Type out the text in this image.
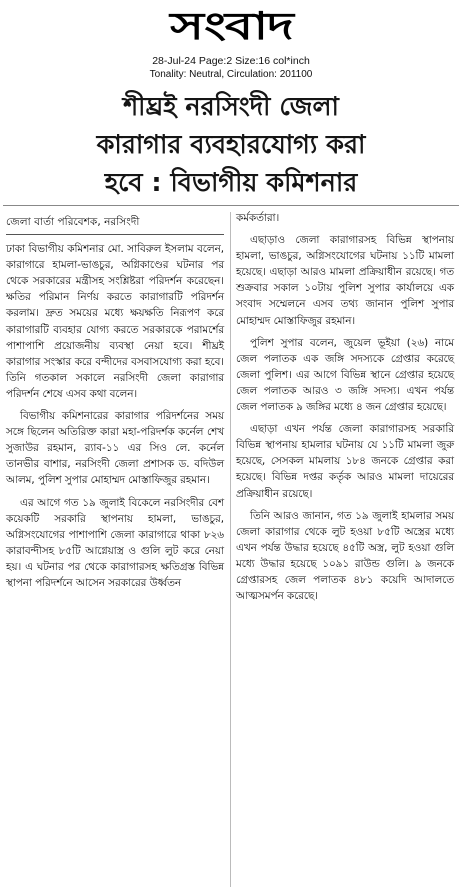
সংবাদ
28-Jul-24 Page:2 Size:16 col*inch
Tonality: Neutral, Circulation: 201100
শীঘ্রই নরসিংদী জেলা
কারাগার ব্যবহারযোগ্য করা
হবে : বিভাগীয় কমিশনার
জেলা বার্তা পরিবেশক, নরসিংদী

ঢাকা বিভাগীয় কমিশনার মো. সাবিরুল ইসলাম বলেন, কারাগারে হামলা-ভাঙচুর, অগ্নিকাণ্ডের ঘটনার পর থেকে সরকারের মন্ত্রীসহ সংশ্লিষ্টরা পরিদর্শন করেছেন। ক্ষতির পরিমান নির্ণয় করতে কারাগারটি পরিদর্শন করলাম। দ্রুত সময়ের মধ্যে ক্ষয়ক্ষতি নিরূপণ করে কারাগারটি ব্যবহার যোগ্য করতে সরকারকে পরামর্শের পাশাপাশি প্রয়োজনীয় ব্যবস্থা নেয়া হবে। শীঘ্রই কারাগার সংস্কার করে বন্দীদের বসবাসযোগ্য করা হবে। তিনি গতকাল সকালে নরসিংদী জেলা কারাগার পরিদর্শন শেষে এসব কথা বলেন।

বিভাগীয় কমিশনারের কারাগার পরিদর্শনের সময় সঙ্গে ছিলেন অতিরিক্ত কারা মহা-পরিদর্শক কর্নেল শেখ সুজাউর রহমান, র‍্যাব-১১ এর সিও লে. কর্নেল তানভীর বাশার, নরসিংদী জেলা প্রশাসক ড. বদিউল আলম, পুলিশ সুপার মোহাম্মদ মোস্তাফিজুর রহমান।

এর আগে গত ১৯ জুলাই বিকেলে নরসিংদীর বেশ কয়েকটি সরকারি স্থাপনায় হামলা, ভাঙচুর, অগ্নিসংযোগের পাশাপাশি জেলা কারাগারে থাকা ৮২৬ কারাবন্দীসহ ৮৫টি আগ্নেয়াস্ত্র ও গুলি লুট করে নেয়া হয়। এ ঘটনার পর থেকে কারাগারসহ ক্ষতিগ্রস্ত বিভিন্ন স্থাপনা পরিদর্শনে আসেন সরকারের উর্ধ্বতন

কর্মকর্তারা।

এছাড়াও জেলা কারাগারসহ বিভিন্ন স্থাপনায় হামলা, ভাঙচুর, অগ্নিসংযোগের ঘটনায় ১১টি মামলা হয়েছে। এছাড়া আরও মামলা প্রক্রিয়াধীন রয়েছে। গত শুক্রবার সকাল ১০টায় পুলিশ সুপার কার্যালয়ে এক সংবাদ সম্মেলনে এসব তথ্য জানান পুলিশ সুপার মোহাম্মদ মোস্তাফিজুর রহমান।

পুলিশ সুপার বলেন, জুয়েল ভূইয়া (২৬) নামে জেল পলাতক এক জঙ্গি সদস্যকে গ্রেপ্তার করেছে জেলা পুলিশ। এর আগে বিভিন্ন স্থানে গ্রেপ্তার হয়েছে জেল পলাতক আরও ৩ জঙ্গি সদস্য। এখন পর্যন্ত জেল পলাতক ৯ জঙ্গির মধ্যে ৪ জন গ্রেপ্তার হয়েছে।

এছাড়া এখন পর্যন্ত জেলা কারাগারসহ সরকারি বিভিন্ন স্থাপনায় হামলার ঘটনায় যে ১১টি মামলা জুরু হয়েছে, সেসকল মামলায় ১৮৪ জনকে গ্রেপ্তার করা হয়েছে। বিভিন্ন দপ্তর কর্তৃক আরও মামলা দায়েরের প্রক্রিয়াধীন রয়েছে।

তিনি আরও জানান, গত ১৯ জুলাই হামলার সময় জেলা কারাগার থেকে লুট হওয়া ৮৫টি অস্ত্রের মধ্যে এখন পর্যন্ত উদ্ধার হয়েছে ৪৫টি অস্ত্র, লুট হওয়া গুলি মধ্যে উদ্ধার হয়েছে ১০৯১ রাউন্ড গুলি। ৯ জনকে গ্রেপ্তারসহ জেল পলাতক ৪৮১ কয়েদি আদালতে আত্মসমর্পন করেছে।
